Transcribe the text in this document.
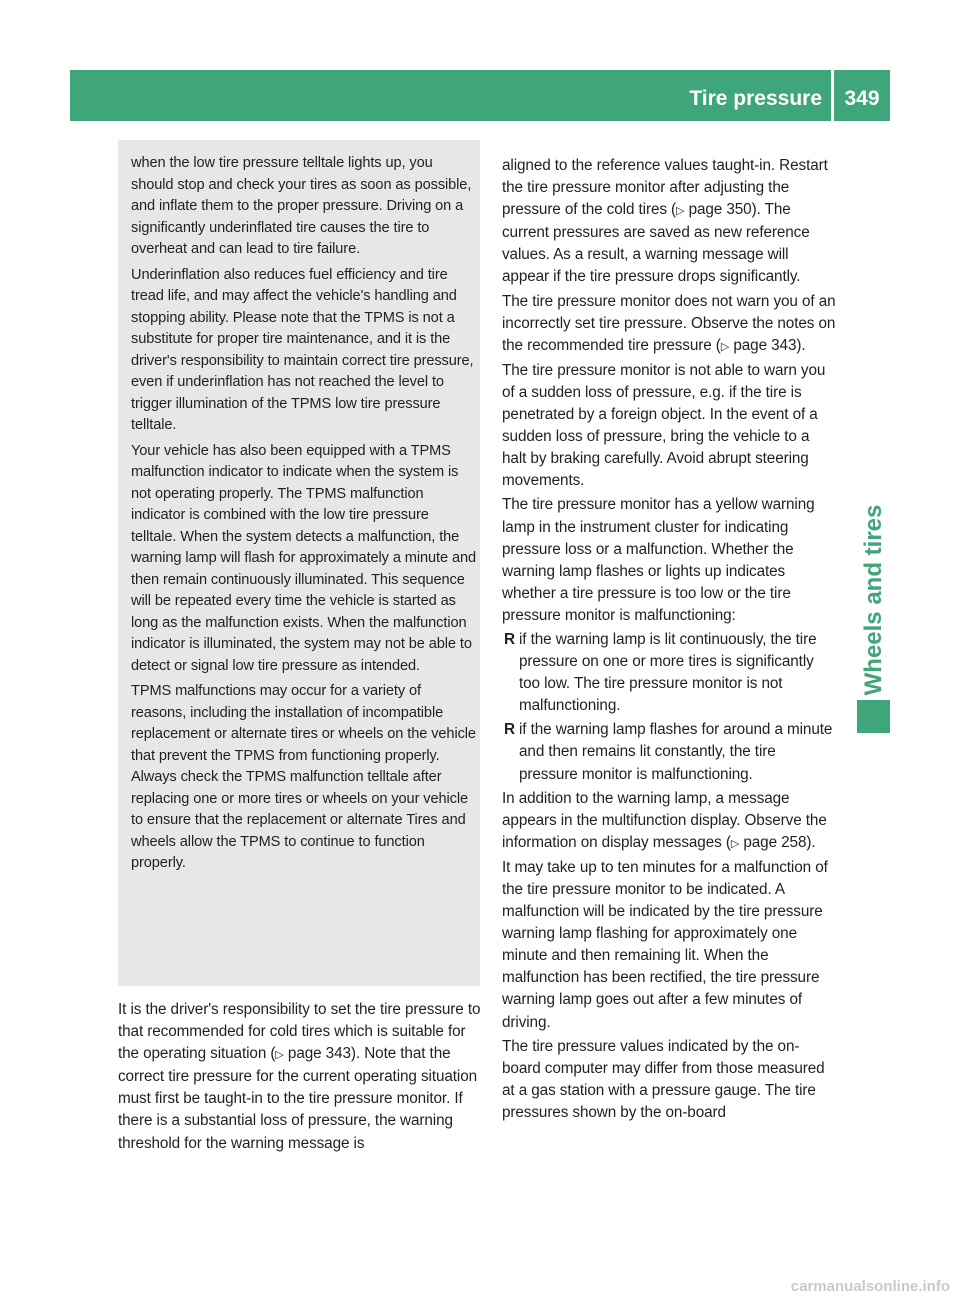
Tire pressure	349
Wheels and tires

when the low tire pressure telltale lights up, you should stop and check your tires as soon as possible, and inflate them to the proper pressure. Driving on a significantly underinflated tire causes the tire to overheat and can lead to tire failure.

Underinflation also reduces fuel efficiency and tire tread life, and may affect the vehicle's handling and stopping ability. Please note that the TPMS is not a substitute for proper tire maintenance, and it is the driver's responsibility to maintain correct tire pressure, even if underinflation has not reached the level to trigger illumination of the TPMS low tire pressure telltale.

Your vehicle has also been equipped with a TPMS malfunction indicator to indicate when the system is not operating properly. The TPMS malfunction indicator is combined with the low tire pressure telltale. When the system detects a malfunction, the warning lamp will flash for approximately a minute and then remain continuously illuminated. This sequence will be repeated every time the vehicle is started as long as the malfunction exists. When the malfunction indicator is illuminated, the system may not be able to detect or signal low tire pressure as intended.

TPMS malfunctions may occur for a variety of reasons, including the installation of incompatible replacement or alternate tires or wheels on the vehicle that prevent the TPMS from functioning properly. Always check the TPMS malfunction telltale after replacing one or more tires or wheels on your vehicle to ensure that the replacement or alternate Tires and wheels allow the TPMS to continue to function properly.

It is the driver's responsibility to set the tire pressure to that recommended for cold tires which is suitable for the operating situation (▷ page 343). Note that the correct tire pressure for the current operating situation must first be taught-in to the tire pressure monitor. If there is a substantial loss of pressure, the warning threshold for the warning message is

aligned to the reference values taught-in. Restart the tire pressure monitor after adjusting the pressure of the cold tires (▷ page 350). The current pressures are saved as new reference values. As a result, a warning message will appear if the tire pressure drops significantly.

The tire pressure monitor does not warn you of an incorrectly set tire pressure. Observe the notes on the recommended tire pressure (▷ page 343).

The tire pressure monitor is not able to warn you of a sudden loss of pressure, e.g. if the tire is penetrated by a foreign object. In the event of a sudden loss of pressure, bring the vehicle to a halt by braking carefully. Avoid abrupt steering movements.

The tire pressure monitor has a yellow warning lamp in the instrument cluster for indicating pressure loss or a malfunction. Whether the warning lamp flashes or lights up indicates whether a tire pressure is too low or the tire pressure monitor is malfunctioning:

R if the warning lamp is lit continuously, the tire pressure on one or more tires is significantly too low. The tire pressure monitor is not malfunctioning.
R if the warning lamp flashes for around a minute and then remains lit constantly, the tire pressure monitor is malfunctioning.

In addition to the warning lamp, a message appears in the multifunction display. Observe the information on display messages (▷ page 258).

It may take up to ten minutes for a malfunction of the tire pressure monitor to be indicated. A malfunction will be indicated by the tire pressure warning lamp flashing for approximately one minute and then remaining lit. When the malfunction has been rectified, the tire pressure warning lamp goes out after a few minutes of driving.

The tire pressure values indicated by the on-board computer may differ from those measured at a gas station with a pressure gauge. The tire pressures shown by the on-board

carmanualsonline.info
